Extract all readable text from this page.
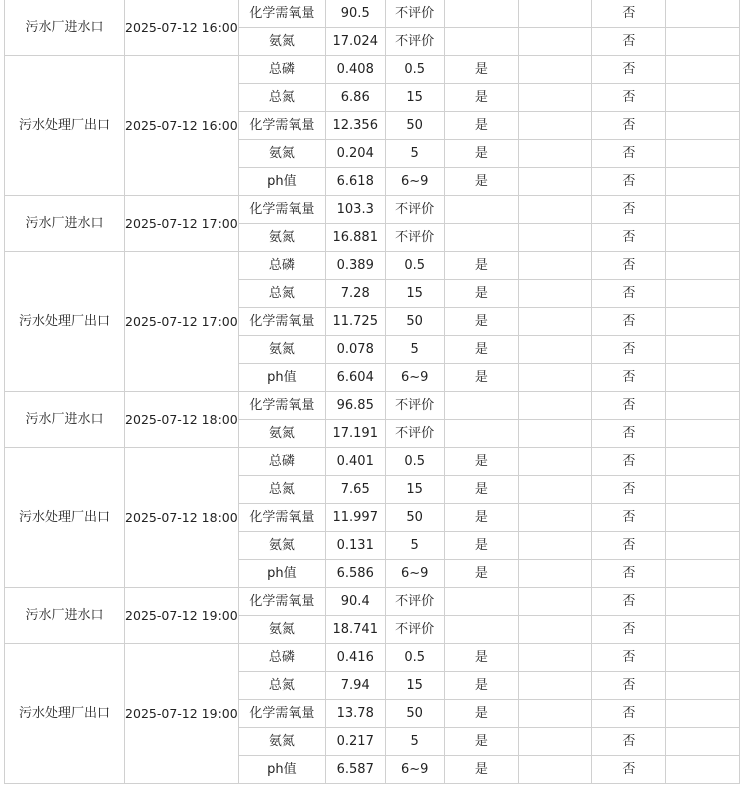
污水厂进水口	2025-07-12 16:00	化学需氧量	90.5	不评价			否	
		氨氮	17.024	不评价			否	
污水处理厂出口	2025-07-12 16:00	总磷	0.408	0.5	是		否	
		总氮	6.86	15	是		否	
		化学需氧量	12.356	50	是		否	
		氨氮	0.204	5	是		否	
		ph值	6.618	6~9	是		否	
污水厂进水口	2025-07-12 17:00	化学需氧量	103.3	不评价			否	
		氨氮	16.881	不评价			否	
污水处理厂出口	2025-07-12 17:00	总磷	0.389	0.5	是		否	
		总氮	7.28	15	是		否	
		化学需氧量	11.725	50	是		否	
		氨氮	0.078	5	是		否	
		ph值	6.604	6~9	是		否	
污水厂进水口	2025-07-12 18:00	化学需氧量	96.85	不评价			否	
		氨氮	17.191	不评价			否	
污水处理厂出口	2025-07-12 18:00	总磷	0.401	0.5	是		否	
		总氮	7.65	15	是		否	
		化学需氧量	11.997	50	是		否	
		氨氮	0.131	5	是		否	
		ph值	6.586	6~9	是		否	
污水厂进水口	2025-07-12 19:00	化学需氧量	90.4	不评价			否	
		氨氮	18.741	不评价			否	
污水处理厂出口	2025-07-12 19:00	总磷	0.416	0.5	是		否	
		总氮	7.94	15	是		否	
		化学需氧量	13.78	50	是		否	
		氨氮	0.217	5	是		否	
		ph值	6.587	6~9	是		否	
